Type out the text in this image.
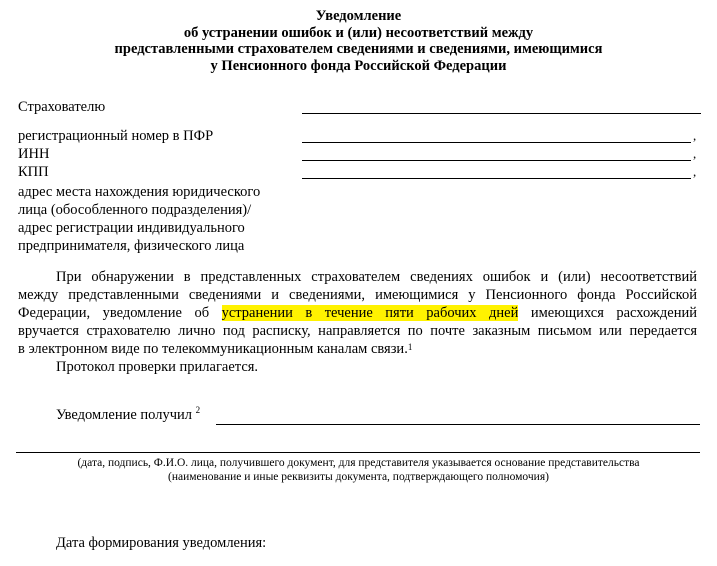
Уведомление
об устранении ошибок и (или) несоответствий между
представленными страхователем сведениями и сведениями, имеющимися
у Пенсионного фонда Российской Федерации
Страхователю
регистрационный номер в ПФР	,
ИНН	,
КПП	,
адрес места нахождения юридического
лица (обособленного подразделения)/
адрес регистрации индивидуального
предпринимателя, физического лица
При обнаружении в представленных страхователем сведениях ошибок и (или) несоответствий
между представленными сведениями и сведениями, имеющимися у Пенсионного фонда Российской
Федерации, уведомление об устранении в течение пяти рабочих дней имеющихся расхождений
вручается страхователю лично под расписку, направляется по почте заказным письмом или передается
в электронном виде по телекоммуникационным каналам связи.$^1$
Протокол проверки прилагается.
Уведомление получил $^2$
(дата, подпись, Ф.И.О. лица, получившего документ, для представителя указывается основание представительства
(наименование и иные реквизиты документа, подтверждающего полномочия)
Дата формирования уведомления:
